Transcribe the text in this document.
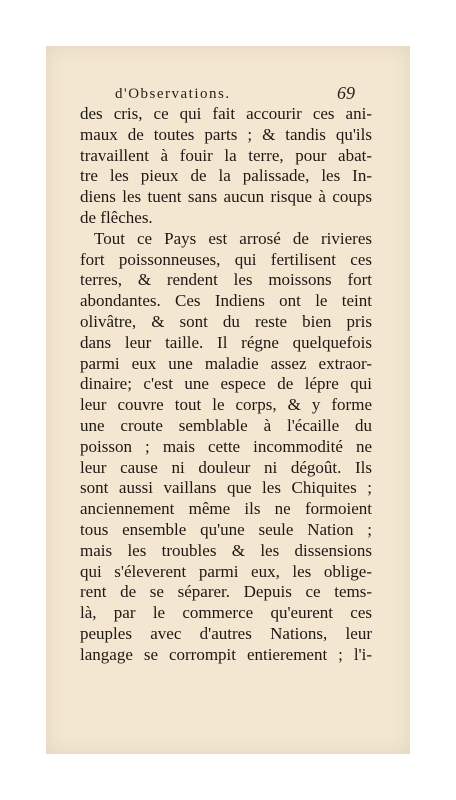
d'Observations.	69
des cris, ce qui fait accourir ces ani-
maux de toutes parts ; & tandis qu'ils
travaillent à fouir la terre, pour abat-
tre les pieux de la palissade, les In-
diens les tuent sans aucun risque à coups
de flêches.
Tout ce Pays est arrosé de rivieres
fort poissonneuses, qui fertilisent ces
terres, & rendent les moissons fort
abondantes. Ces Indiens ont le teint
olivâtre, & sont du reste bien pris
dans leur taille. Il régne quelquefois
parmi eux une maladie assez extraor-
dinaire; c'est une espece de lépre qui
leur couvre tout le corps, & y forme
une croute semblable à l'écaille du
poisson ; mais cette incommodité ne
leur cause ni douleur ni dégoût. Ils
sont aussi vaillans que les Chiquites ;
anciennement même ils ne formoient
tous ensemble qu'une seule Nation ;
mais les troubles & les dissensions
qui s'éleverent parmi eux, les oblige-
rent de se séparer. Depuis ce tems-
là, par le commerce qu'eurent ces
peuples avec d'autres Nations, leur
langage se corrompit entierement ; l'i-
